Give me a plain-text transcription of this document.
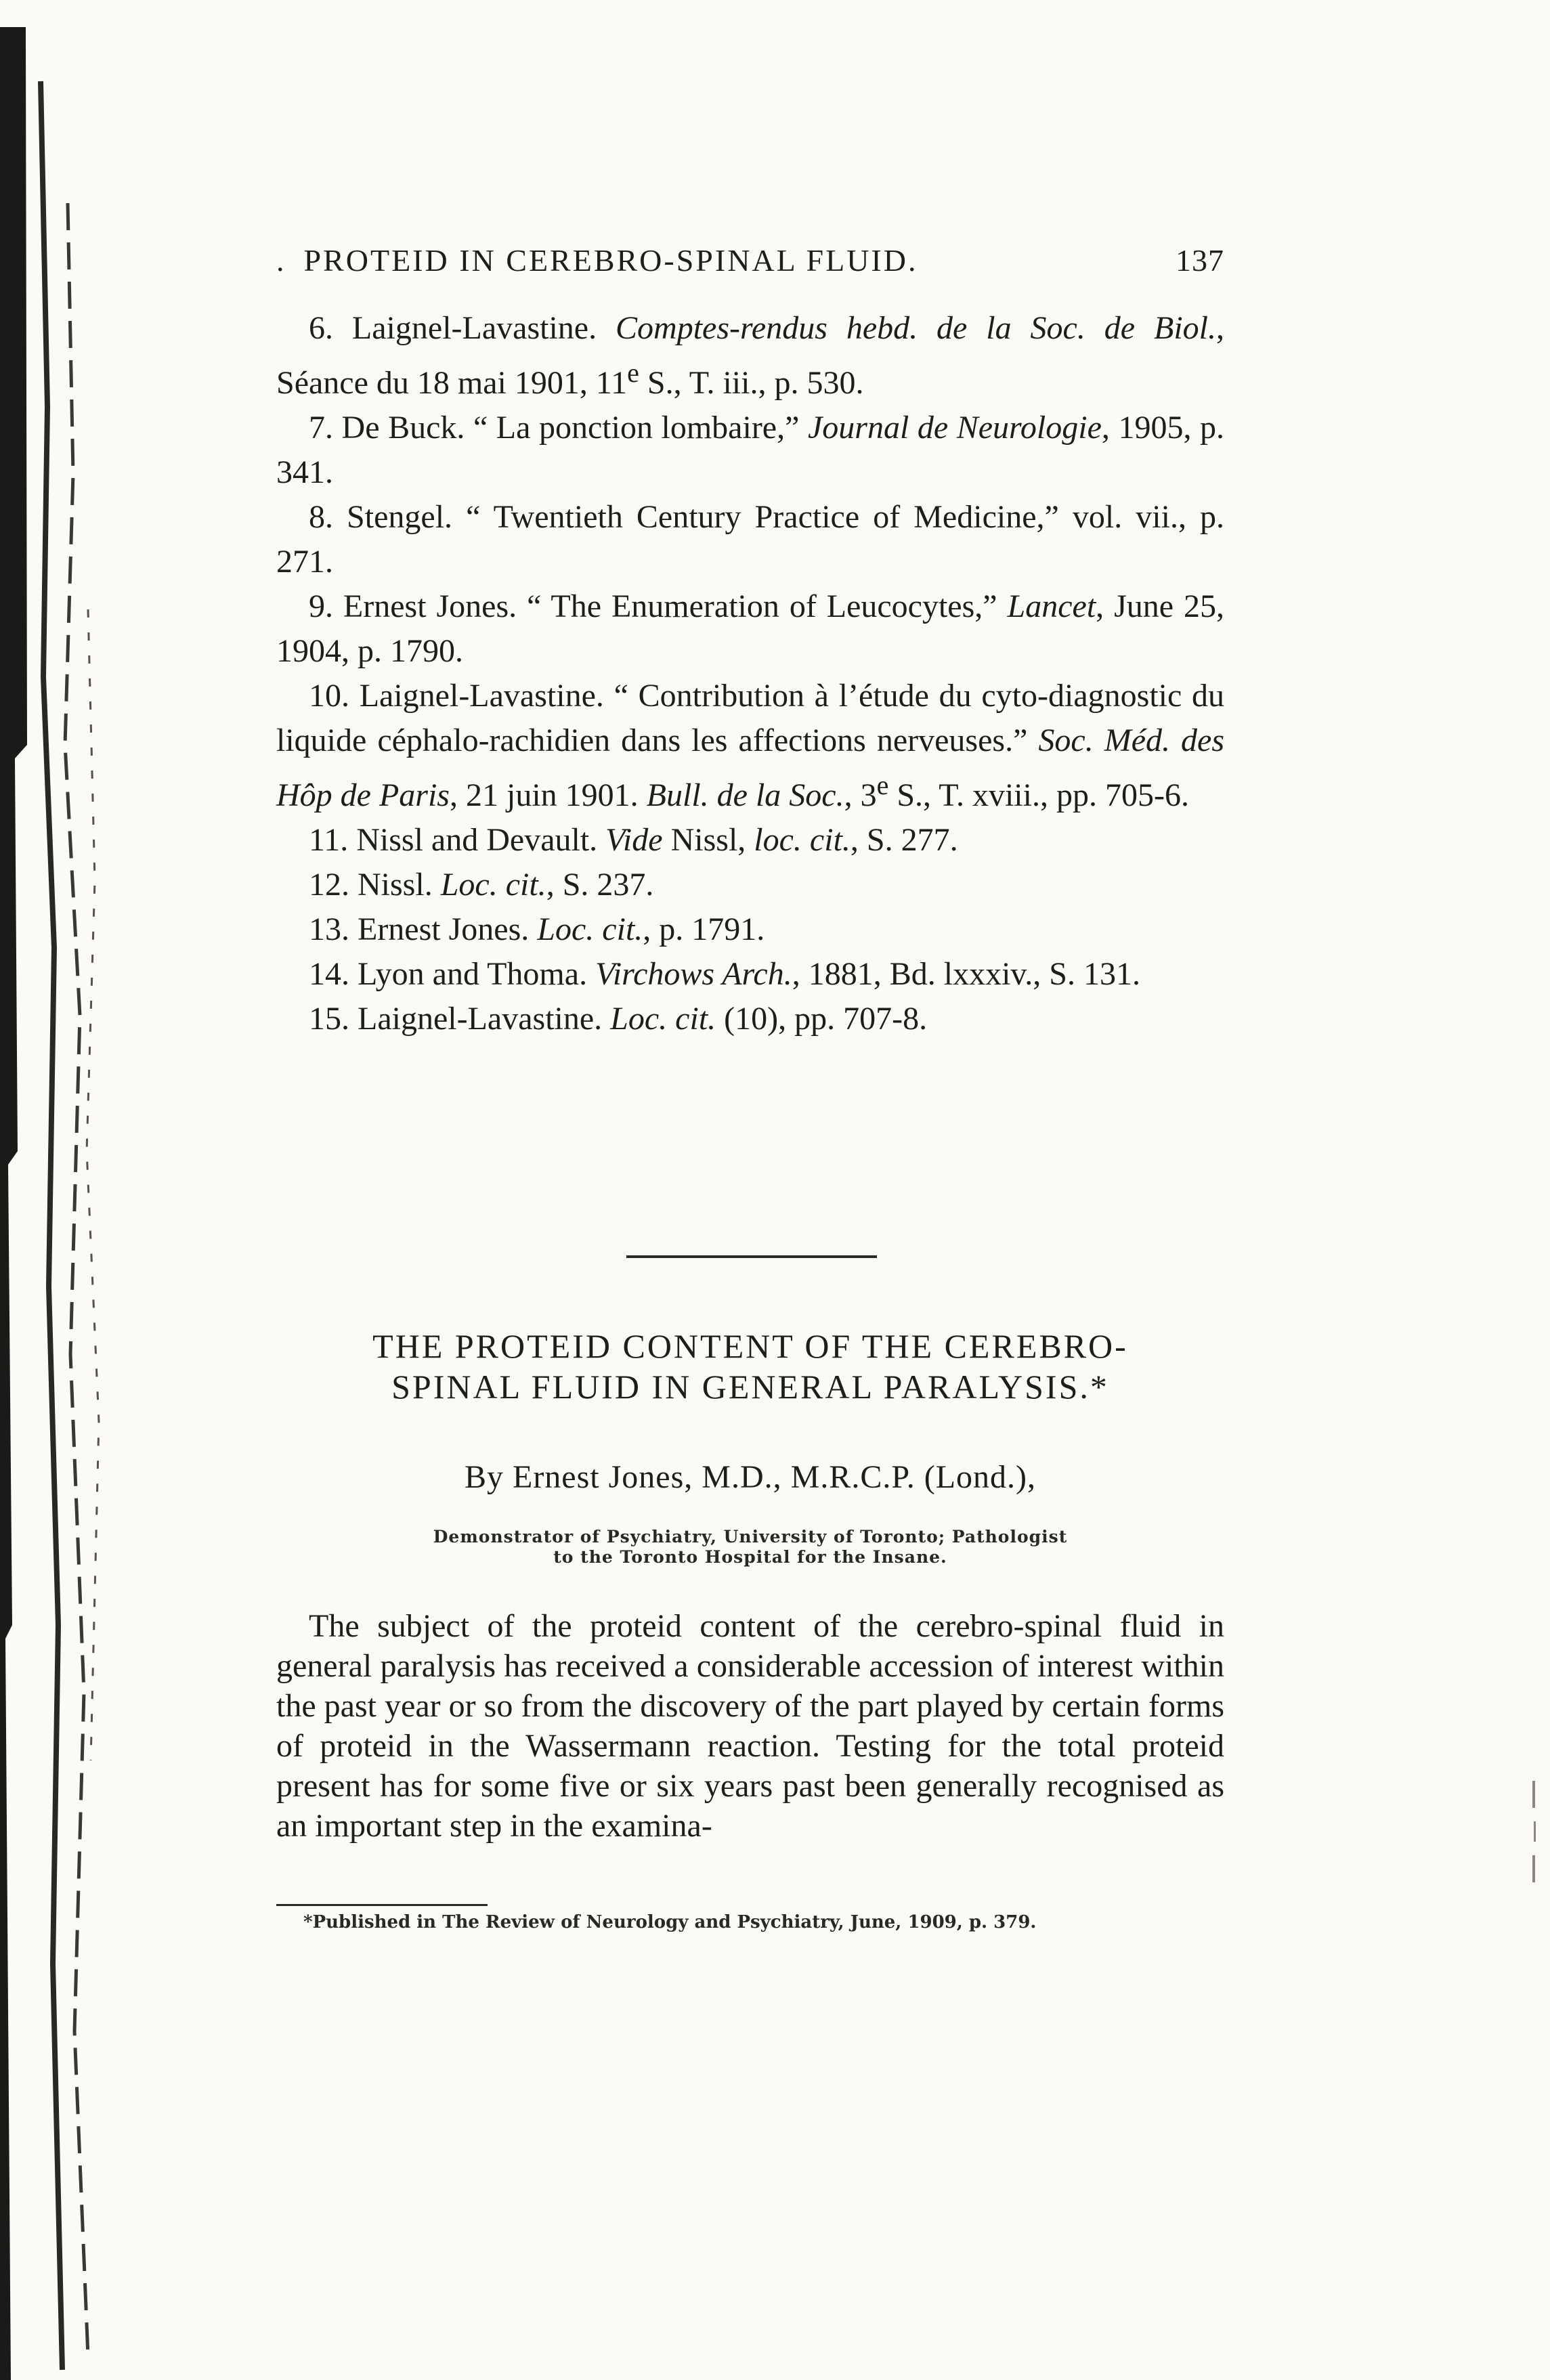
. PROTEID IN CEREBRO-SPINAL FLUID.	137
6. Laignel-Lavastine. Comptes-rendus hebd. de la Soc. de Biol., Séance du 18 mai 1901, 11e S., T. iii., p. 530.
7. De Buck. “ La ponction lombaire,” Journal de Neurologie, 1905, p. 341.
8. Stengel. “ Twentieth Century Practice of Medicine,” vol. vii., p. 271.
9. Ernest Jones. “ The Enumeration of Leucocytes,” Lancet, June 25, 1904, p. 1790.
10. Laignel-Lavastine. “ Contribution à l’étude du cyto-diagnostic du liquide céphalo-rachidien dans les affections nerveuses.” Soc. Méd. des Hôp de Paris, 21 juin 1901. Bull. de la Soc., 3e S., T. xviii., pp. 705-6.
11. Nissl and Devault. Vide Nissl, loc. cit., S. 277.
12. Nissl. Loc. cit., S. 237.
13. Ernest Jones. Loc. cit., p. 1791.
14. Lyon and Thoma. Virchows Arch., 1881, Bd. lxxxiv., S. 131.
15. Laignel-Lavastine. Loc. cit. (10), pp. 707-8.
THE PROTEID CONTENT OF THE CEREBRO-
SPINAL FLUID IN GENERAL PARALYSIS.*
By Ernest Jones, M.D., M.R.C.P. (Lond.),
Demonstrator of Psychiatry, University of Toronto; Pathologist
to the Toronto Hospital for the Insane.
The subject of the proteid content of the cerebro-spinal fluid in general paralysis has received a considerable accession of interest within the past year or so from the discovery of the part played by certain forms of proteid in the Wassermann reaction. Testing for the total proteid present has for some five or six years past been generally recognised as an important step in the examina-
*Published in The Review of Neurology and Psychiatry, June, 1909, p. 379.
